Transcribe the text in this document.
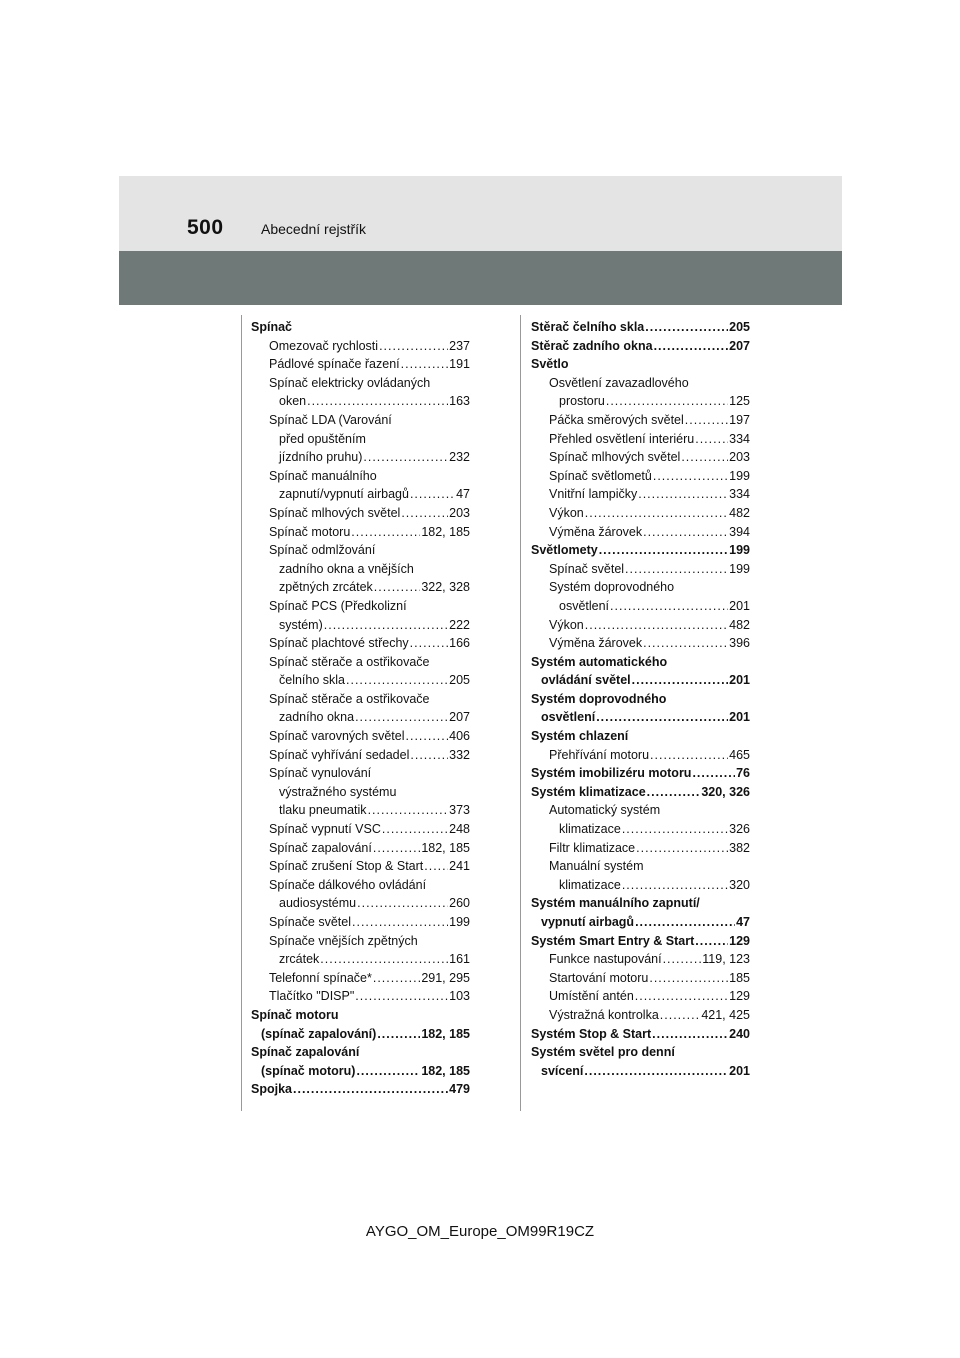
500	Abecední rejstřík
Spínač
Omezovač rychlosti .....	237
Pádlové spínače řazení .....	191
Spínač elektricky ovládaných
oken .....	163
Spínač LDA (Varování
před opuštěním
jízdního pruhu) .....	232
Spínač manuálního
zapnutí/vypnutí airbagů .....	47
Spínač mlhových světel .....	203
Spínač motoru .....	182, 185
Spínač odmlžování
zadního okna a vnějších
zpětných zrcátek .....	322, 328
Spínač PCS (Předkolizní
systém) .....	222
Spínač plachtové střechy .....	166
Spínač stěrače a ostřikovače
čelního skla .....	205
Spínač stěrače a ostřikovače
zadního okna .....	207
Spínač varovných světel .....	406
Spínač vyhřívání sedadel .....	332
Spínač vynulování
výstražného systému
tlaku pneumatik .....	373
Spínač vypnutí VSC .....	248
Spínač zapalování .....	182, 185
Spínač zrušení Stop & Start ..... 241
Spínače dálkového ovládání
audiosystému .....	260
Spínače světel .....	199
Spínače vnějších zpětných
zrcátek .....	161
Telefonní spínače* .....	291, 295
Tlačítko "DISP" .....	103
Spínač motoru
(spínač zapalování) .....	182, 185
Spínač zapalování
(spínač motoru) .....	182, 185
Spojka .....	479
Stěrač čelního skla .....	205
Stěrač zadního okna .....	207
Světlo
Osvětlení zavazadlového
prostoru .....	125
Páčka směrových světel .....	197
Přehled osvětlení interiéru .....	334
Spínač mlhových světel .....	203
Spínač světlometů .....	199
Vnitřní lampičky .....	334
Výkon .....	482
Výměna žárovek .....	394
Světlomety .....	199
Spínač světel .....	199
Systém doprovodného
osvětlení .....	201
Výkon .....	482
Výměna žárovek .....	396
Systém automatického
ovládání světel .....	201
Systém doprovodného
osvětlení .....	201
Systém chlazení
Přehřívání motoru .....	465
Systém imobilizéru motoru .....	76
Systém klimatizace .....	320, 326
Automatický systém
klimatizace .....	326
Filtr klimatizace .....	382
Manuální systém
klimatizace .....	320
Systém manuálního zapnutí/
vypnutí airbagů .....	47
Systém Smart Entry & Start .....	129
Funkce nastupování .....	119, 123
Startování motoru .....	185
Umístění antén .....	129
Výstražná kontrolka .....	421, 425
Systém Stop & Start .....	240
Systém světel pro denní
svícení .....	201
AYGO_OM_Europe_OM99R19CZ
